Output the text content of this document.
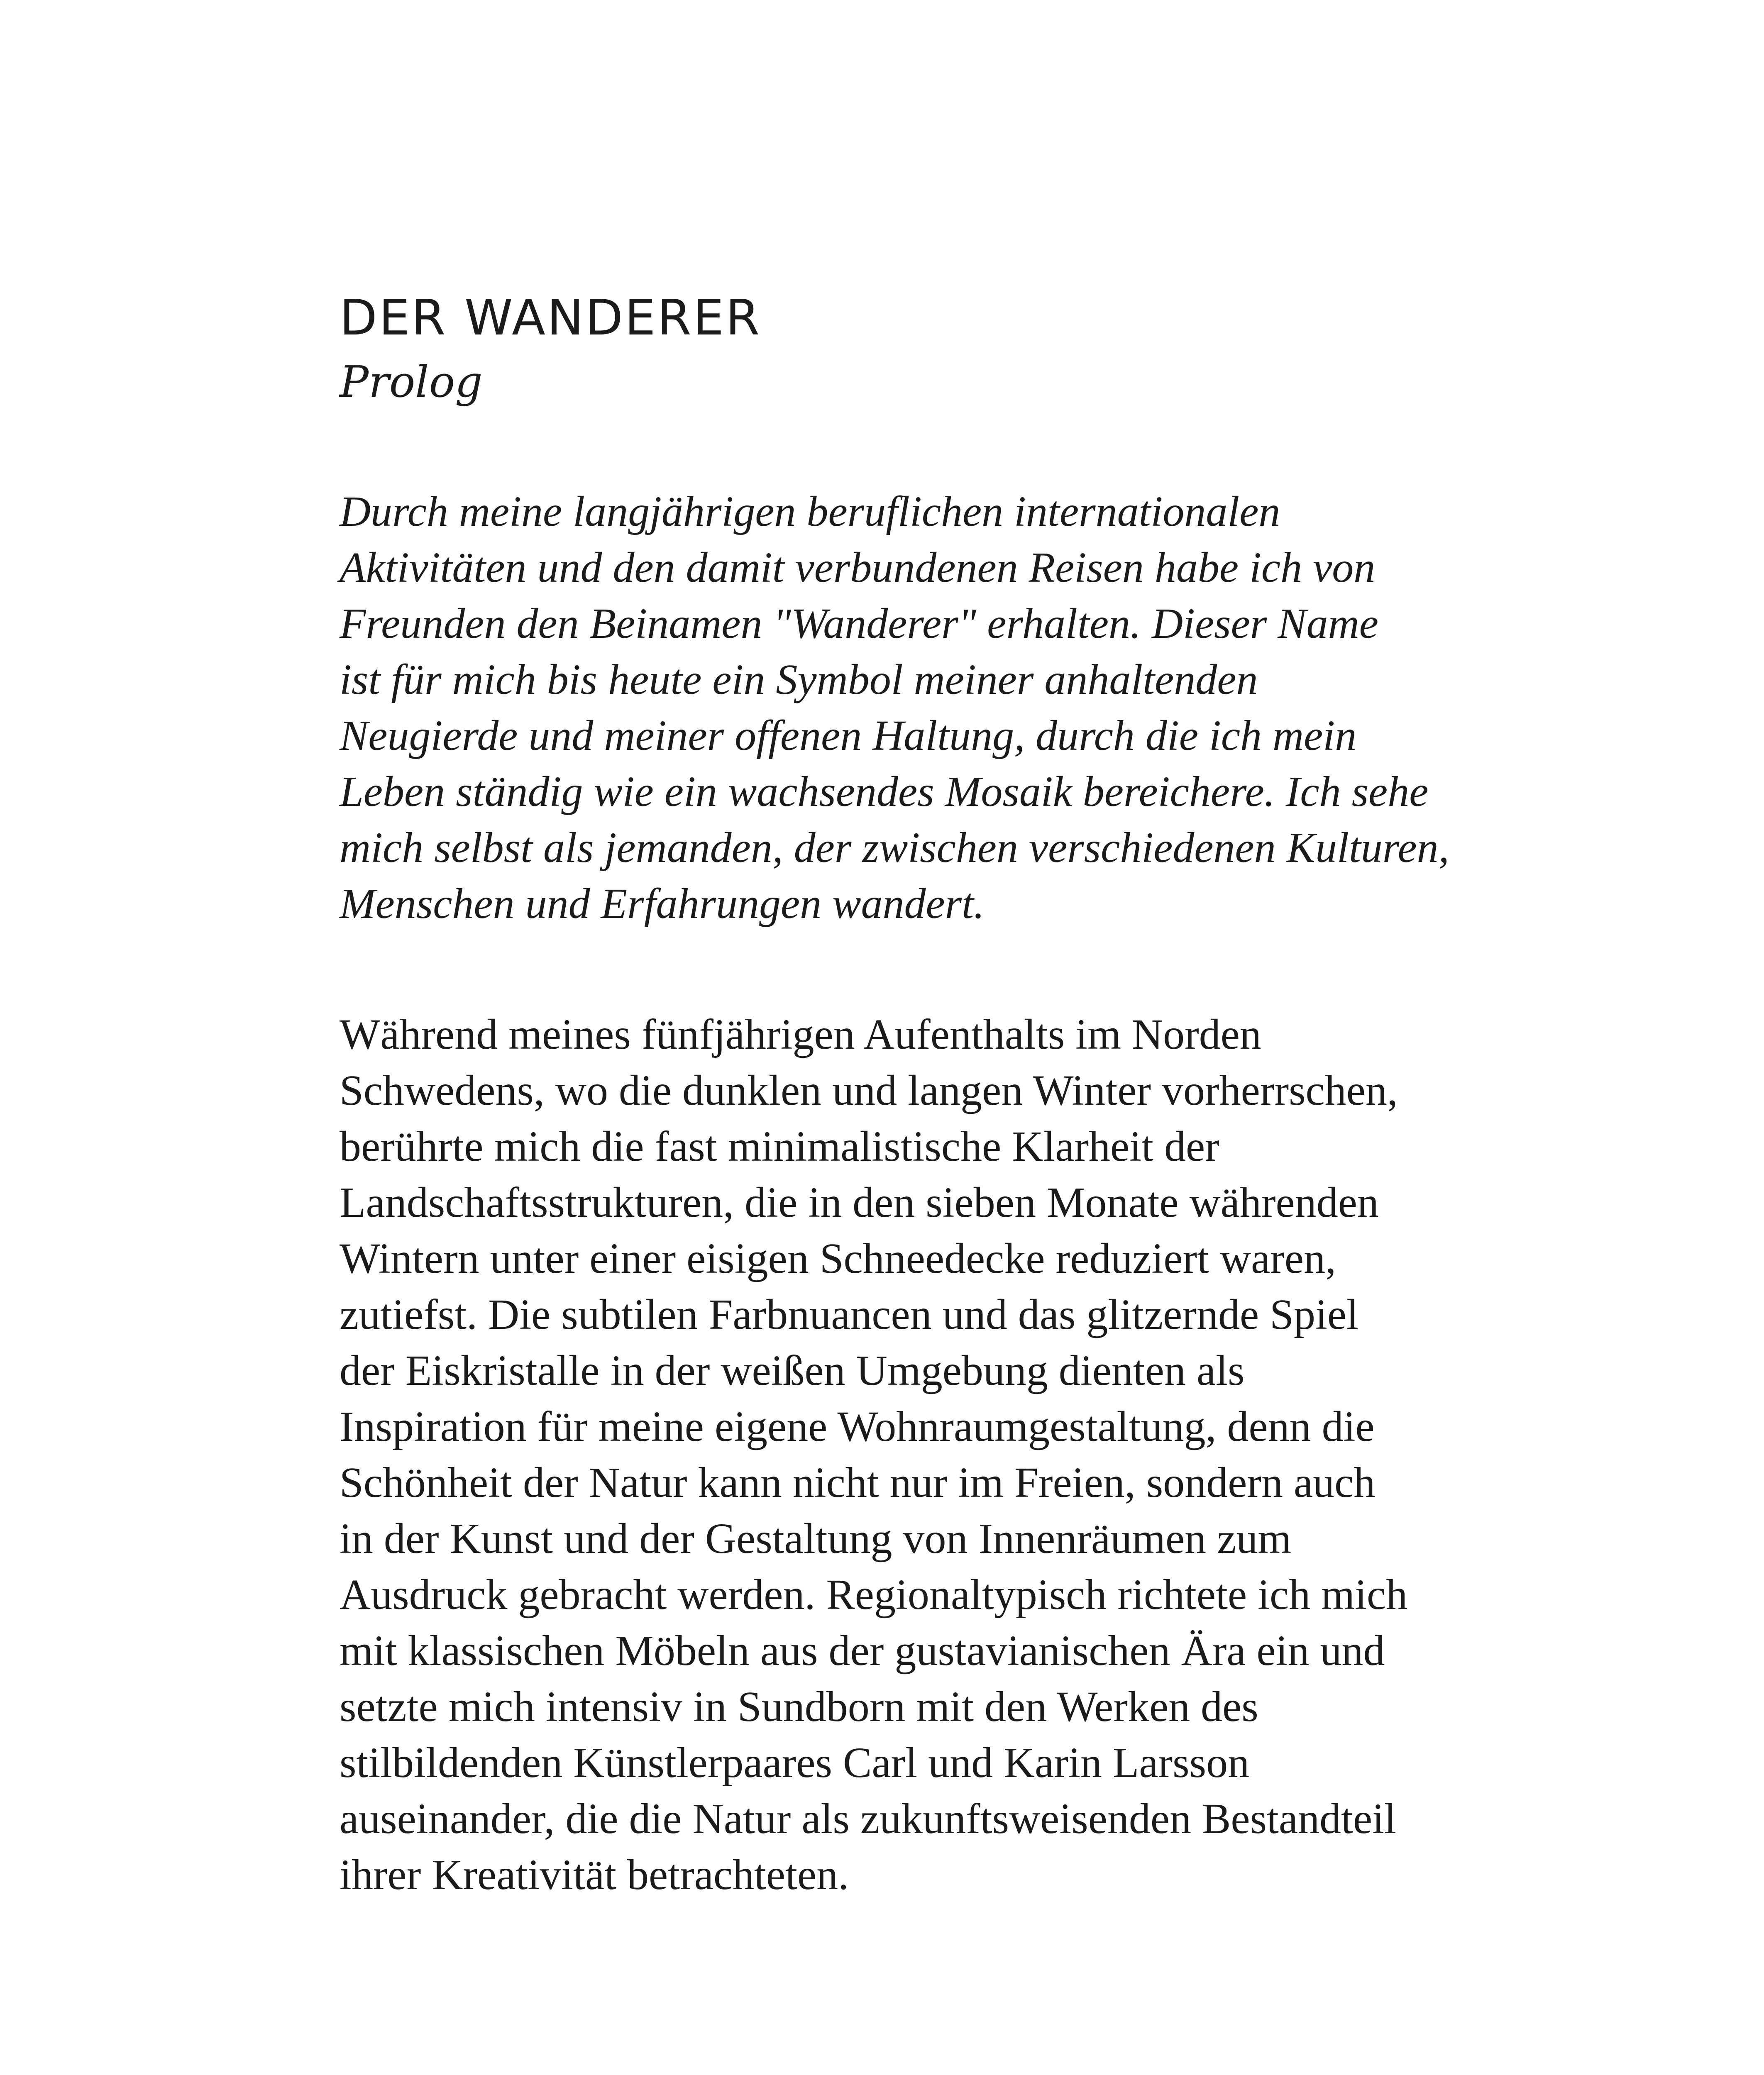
DER WANDERER
Prolog
Durch meine langjährigen beruflichen internationalen
Aktivitäten und den damit verbundenen Reisen habe ich von
Freunden den Beinamen "Wanderer" erhalten. Dieser Name
ist für mich bis heute ein Symbol meiner anhaltenden
Neugierde und meiner offenen Haltung, durch die ich mein
Leben ständig wie ein wachsendes Mosaik bereichere. Ich sehe
mich selbst als jemanden, der zwischen verschiedenen Kulturen,
Menschen und Erfahrungen wandert.
Während meines fünfjährigen Aufenthalts im Norden
Schwedens, wo die dunklen und langen Winter vorherrschen,
berührte mich die fast minimalistische Klarheit der
Landschaftsstrukturen, die in den sieben Monate währenden
Wintern unter einer eisigen Schneedecke reduziert waren,
zutiefst. Die subtilen Farbnuancen und das glitzernde Spiel
der Eiskristalle in der weißen Umgebung dienten als
Inspiration für meine eigene Wohnraumgestaltung, denn die
Schönheit der Natur kann nicht nur im Freien, sondern auch
in der Kunst und der Gestaltung von Innenräumen zum
Ausdruck gebracht werden. Regionaltypisch richtete ich mich
mit klassischen Möbeln aus der gustavianischen Ära ein und
setzte mich intensiv in Sundborn mit den Werken des
stilbildenden Künstlerpaares Carl und Karin Larsson
auseinander, die die Natur als zukunftsweisenden Bestandteil
ihrer Kreativität betrachteten.
